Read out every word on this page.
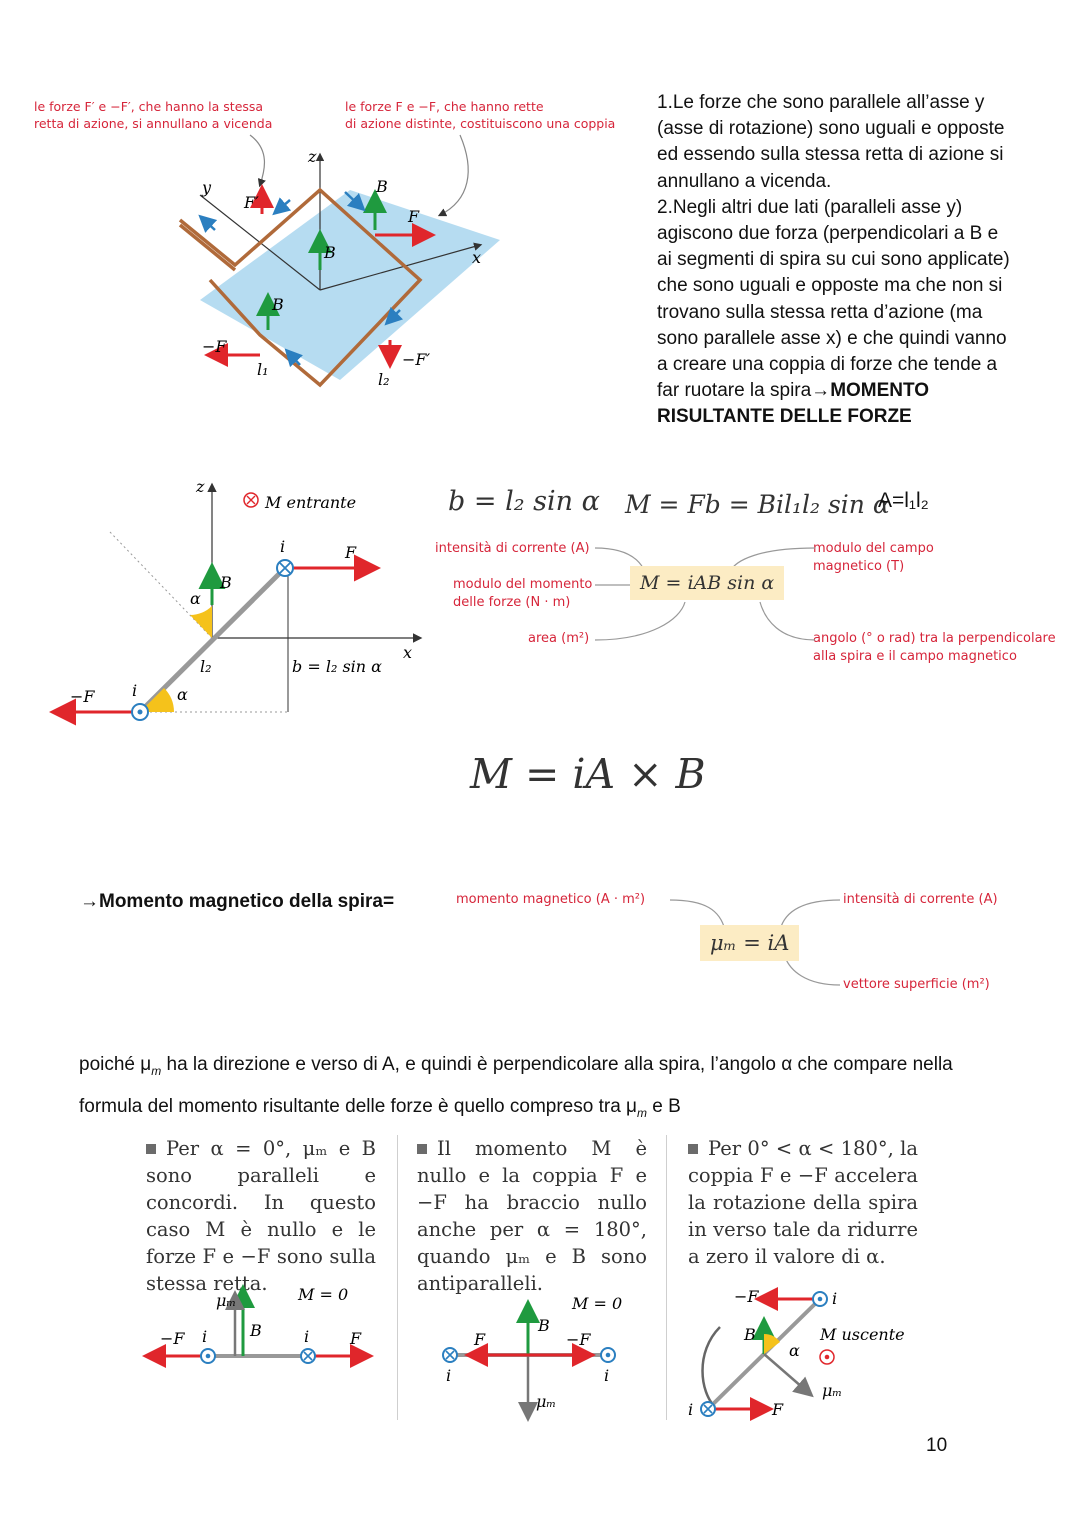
le forze F′ e −F′, che hanno la stessa
retta di azione, si annullano a vicenda
le forze F e −F, che hanno rette
di azione distinte, costituiscono una coppia
z
x
y
B
B
B
F
−F
F′
−F′
l₁
l₂
1.Le forze che sono parallele all’asse y (asse di rotazione) sono uguali e opposte ed essendo sulla stessa retta di azione si annullano a vicenda.
2.Negli altri due lati (paralleli asse y) agiscono due forza (perpendicolari a B e ai segmenti di spira su cui sono applicate) che sono uguali e opposte ma che non si trovano sulla stessa retta d’azione (ma sono parallele asse x) e che quindi vanno a creare una coppia di forze che tende a far ruotare la spira→MOMENTO RISULTANTE DELLE FORZE
z
x
M entrante
i	F
B
α
l₂	b = l₂ sin α
i α
−F
b = l₂ sin α M = Fb = Bil₁l₂ sin α
A=l₁l₂
intensità di corrente (A)
modulo del momento
delle forze (N · m)
area (m²)
modulo del campo
magnetico (T)
angolo (° o rad) tra la perpendicolare
alla spira e il campo magnetico
M = iAB sin α
M = iA × B
→Momento magnetico della spira=	momento magnetico (A · m²)	intensità di corrente (A)
vettore superficie (m²)
μₘ = iA
poiché $\mu_m$ ha la direzione e verso di A, e quindi è perpendicolare alla spira, l’angolo α che compare nella
formula del momento risultante delle forze è quello compreso tra $\mu_m$ e B
Per α = 0°, μₘ e B sono paralleli e concordi. In questo caso M è nullo e le forze F e −F sono sulla stessa retta.
Il momento M è nullo e la coppia F e −F ha braccio nullo anche per α = 180°, quando μₘ e B sono antiparalleli.
Per 0° < α < 180°, la coppia F e −F accelera la rotazione della spira in verso tale da ridurre a zero il valore di α.
μₘ
B
M = 0
−F i	i	F
M = 0
B
F	−F
i	i
μₘ
−F	i
B
α
M uscente
μₘ
i	F
10
